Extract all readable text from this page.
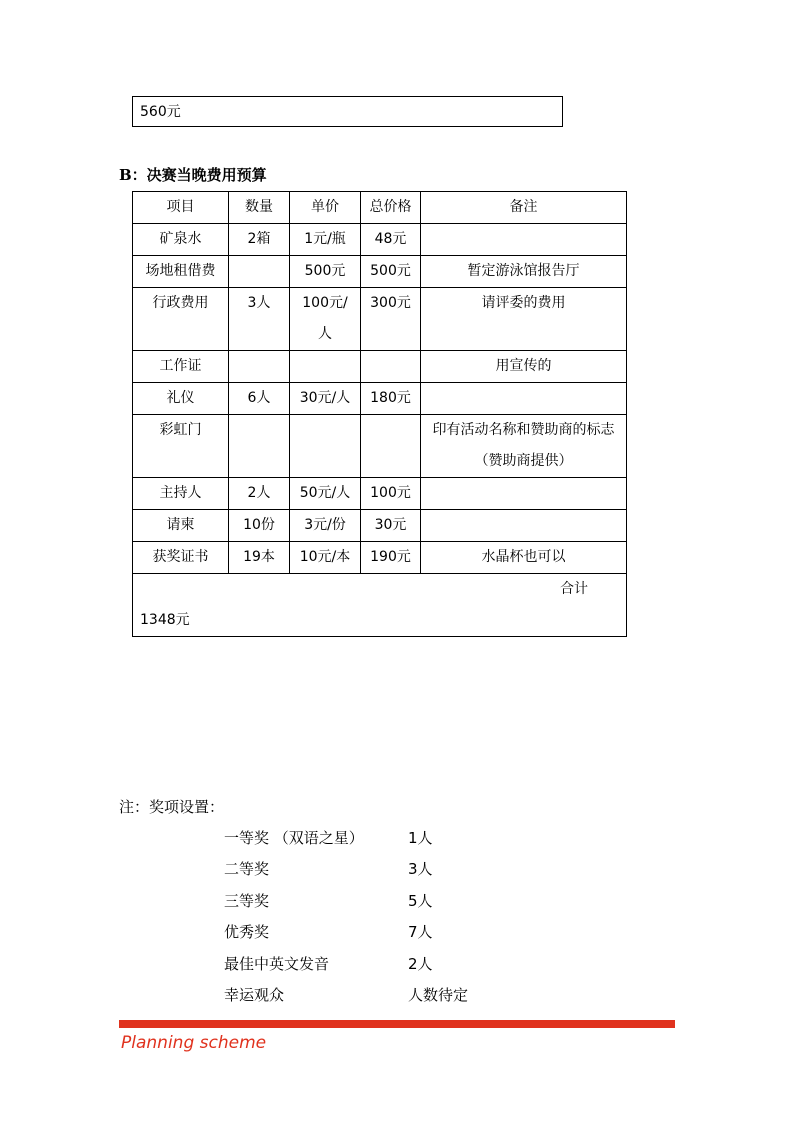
560元
B：决赛当晚费用预算
项目	数量	单价	总价格	备注
矿泉水	2箱	1元/瓶	48元	
场地租借费		500元	500元	暂定游泳馆报告厅
行政费用	3人	100元/人	300元	请评委的费用
工作证				用宣传的
礼仪	6人	30元/人	180元	
彩虹门				印有活动名称和赞助商的标志（赞助商提供）
主持人	2人	50元/人	100元	
请柬	10份	3元/份	30元	
获奖证书	19本	10元/本	190元	水晶杯也可以

合计
1348元				
注：奖项设置：
一等奖 （双语之星）	1人
二等奖	3人
三等奖	5人
优秀奖	7人
最佳中英文发音	2人
幸运观众	人数待定
Planning scheme
